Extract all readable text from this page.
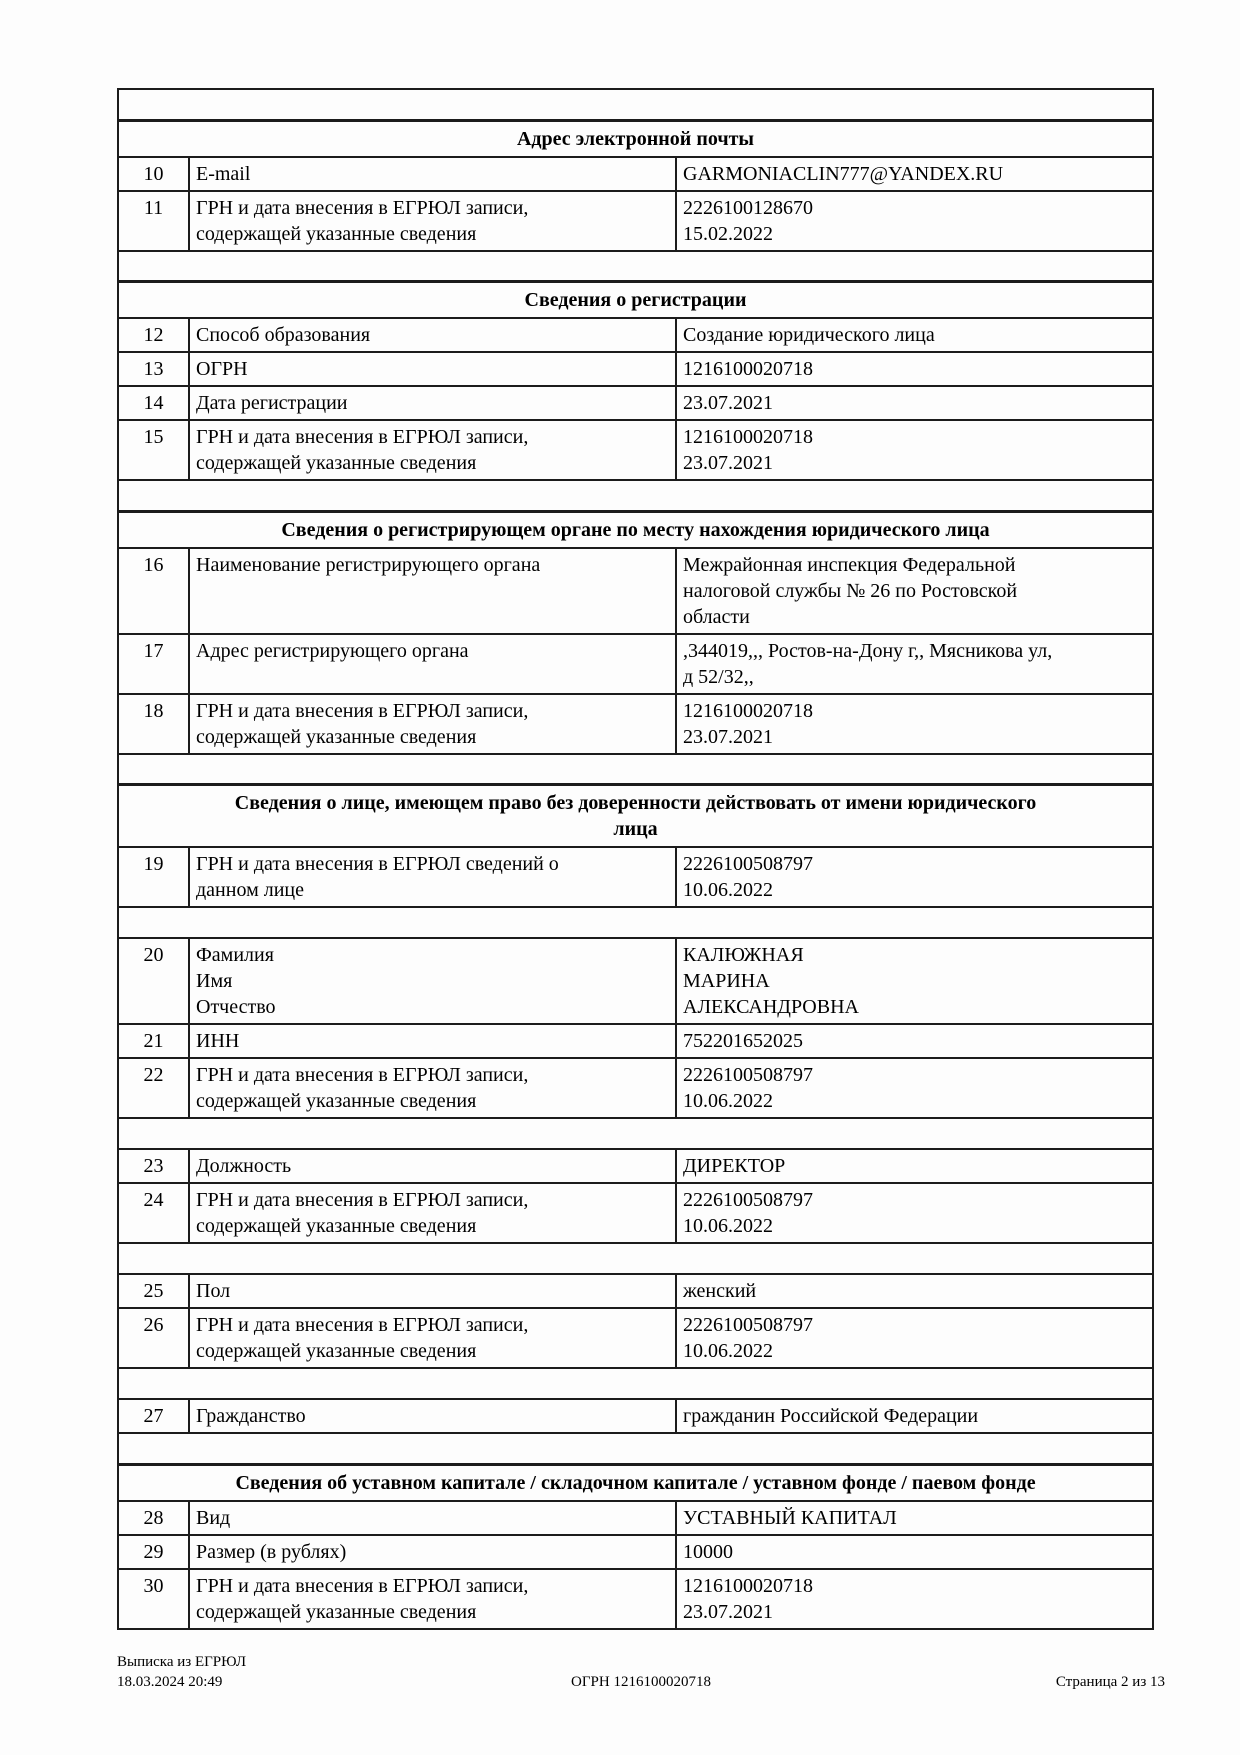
Адрес электронной почты		

10	E-mail	GARMONIACLIN777@YANDEX.RU

11	ГРН и дата внесения в ЕГРЮЛ записи,
содержащей указанные сведения	2226100128670
15.02.2022

Сведения о регистрации		

12	Способ образования	Создание юридического лица

13	ОГРН	1216100020718

14	Дата регистрации	23.07.2021

15	ГРН и дата внесения в ЕГРЮЛ записи,
содержащей указанные сведения	1216100020718
23.07.2021

Сведения о регистрирующем органе по месту нахождения юридического лица		

16	Наименование регистрирующего органа	Межрайонная инспекция Федеральной
налоговой службы № 26 по Ростовской
области

17	Адрес регистрирующего органа	,344019,,, Ростов-на-Дону г,, Мясникова ул,
д 52/32,,

18	ГРН и дата внесения в ЕГРЮЛ записи,
содержащей указанные сведения	1216100020718
23.07.2021

Сведения о лице, имеющем право без доверенности действовать от имени юридического
лица		

19	ГРН и дата внесения в ЕГРЮЛ сведений о
данном лице	2226100508797
10.06.2022

20	Фамилия
Имя
Отчество	КАЛЮЖНАЯ
МАРИНА
АЛЕКСАНДРОВНА

21	ИНН	752201652025

22	ГРН и дата внесения в ЕГРЮЛ записи,
содержащей указанные сведения	2226100508797
10.06.2022

23	Должность	ДИРЕКТОР

24	ГРН и дата внесения в ЕГРЮЛ записи,
содержащей указанные сведения	2226100508797
10.06.2022

25	Пол	женский

26	ГРН и дата внесения в ЕГРЮЛ записи,
содержащей указанные сведения	2226100508797
10.06.2022

27	Гражданство	гражданин Российской Федерации

Сведения об уставном капитале / складочном капитале / уставном фонде / паевом фонде		

28	Вид	УСТАВНЫЙ КАПИТАЛ

29	Размер (в рублях)	10000

30	ГРН и дата внесения в ЕГРЮЛ записи,
содержащей указанные сведения	1216100020718
23.07.2021
Выписка из ЕГРЮЛ
18.03.2024 20:49	ОГРН 1216100020718	Страница 2 из 13
